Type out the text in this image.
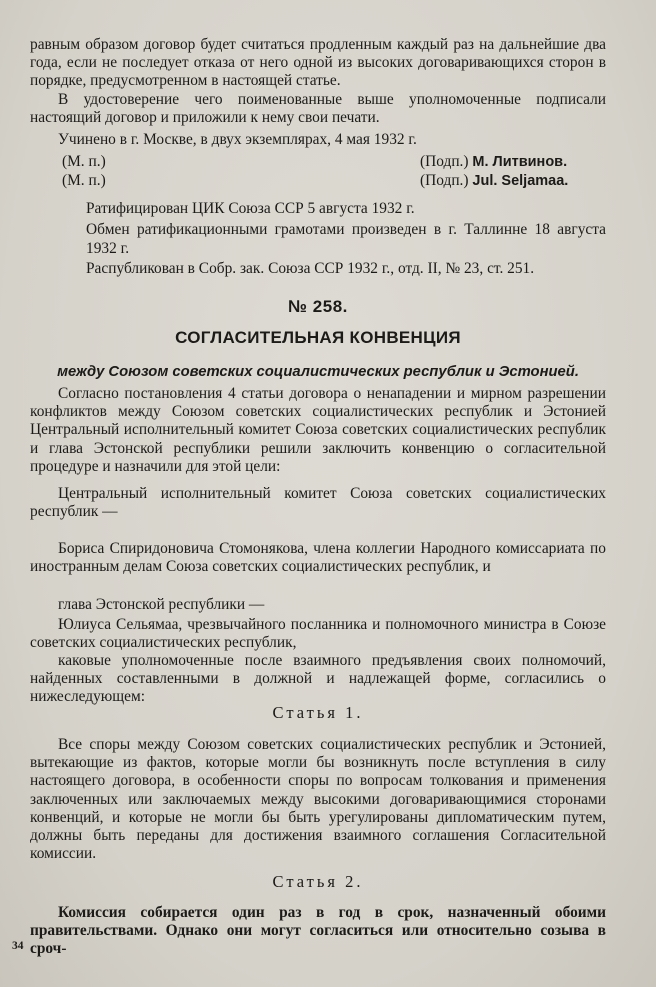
равным образом договор будет считаться продленным каждый раз на дальнейшие два года, если не последует отказа от него одной из высоких договаривающихся сторон в порядке, предусмотренном в настоящей статье.

В удостоверение чего поименованные выше уполномоченные подписали настоящий договор и приложили к нему свои печати.

Учинено в г. Москве, в двух экземплярах, 4 мая 1932 г.

(М. п.)	(Подп.) М. Литвинов.
(М. п.)	(Подп.) Jul. Seljamaa.

Ратифицирован ЦИК Союза ССР 5 августа 1932 г.

Обмен ратификационными грамотами произведен в г. Таллинне 18 августа 1932 г.

Распубликован в Собр. зак. Союза ССР 1932 г., отд. II, № 23, ст. 251.

№ 258.
СОГЛАСИТЕЛЬНАЯ КОНВЕНЦИЯ
между Союзом советских социалистических республик и Эстонией.

Согласно постановления 4 статьи договора о ненападении и мирном разрешении конфликтов между Союзом советских социалистических республик и Эстонией Центральный исполнительный комитет Союза советских социалистических республик и глава Эстонской республики решили заключить конвенцию о согласительной процедуре и назначили для этой цели:

Центральный исполнительный комитет Союза советских социалистических республик —

Бориса Спиридоновича Стомонякова, члена коллегии Народного комиссариата по иностранным делам Союза советских социалистических республик, и

глава Эстонской республики —

Юлиуса Сельямаа, чрезвычайного посланника и полномочного министра в Союзе советских социалистических республик,

каковые уполномоченные после взаимного предъявления своих полномочий, найденных составленными в должной и надлежащей форме, согласились о нижеследующем:

Статья 1.

Все споры между Союзом советских социалистических республик и Эстонией, вытекающие из фактов, которые могли бы возникнуть после вступления в силу настоящего договора, в особенности споры по вопросам толкования и применения заключенных или заключаемых между высокими договаривающимися сторонами конвенций, и которые не могли бы быть урегулированы дипломатическим путем, должны быть переданы для достижения взаимного соглашения Согласительной комиссии.

Статья 2.

Комиссия собирается один раз в год в срок, назначенный обоими правительствами. Однако они могут согласиться или относительно созыва в сроч-

34
